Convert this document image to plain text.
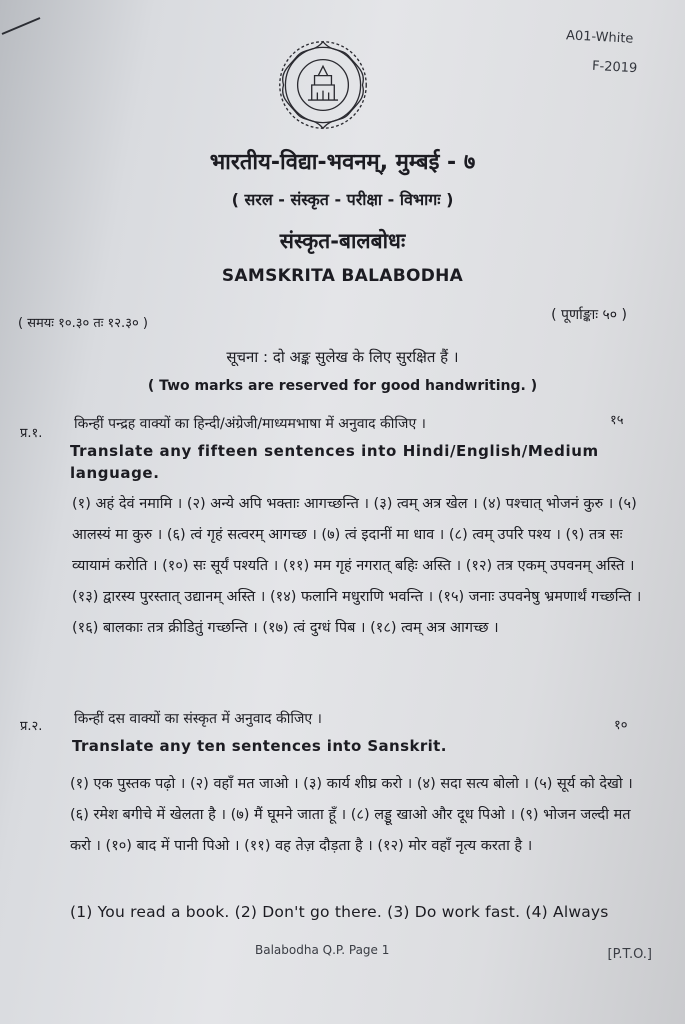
A01-White
F-2019
भारतीय-विद्या-भवनम्, मुम्बई - ७
( सरल - संस्कृत - परीक्षा - विभागः )
संस्कृत-बालबोधः
SAMSKRITA BALABODHA
( समयः १०.३० तः १२.३० )
( पूर्णाङ्काः ५० )
सूचना : दो अङ्क सुलेख के लिए सुरक्षित हैं ।
( Two marks are reserved for good handwriting. )
प्र.१.
किन्हीं पन्द्रह वाक्यों का हिन्दी/अंग्रेजी/माध्यमभाषा में अनुवाद कीजिए ।	१५
Translate any fifteen sentences into Hindi/English/Medium language.
(१) अहं देवं नमामि । (२) अन्ये अपि भक्ताः आगच्छन्ति । (३) त्वम् अत्र खेल । (४) पश्चात् भोजनं कुरु । (५) आलस्यं मा कुरु । (६) त्वं गृहं सत्वरम् आगच्छ । (७) त्वं इदानीं मा धाव । (८) त्वम् उपरि पश्य । (९) तत्र सः व्यायामं करोति । (१०) सः सूर्यं पश्यति । (११) मम गृहं नगरात् बहिः अस्ति । (१२) तत्र एकम् उपवनम् अस्ति । (१३) द्वारस्य पुरस्तात् उद्यानम् अस्ति । (१४) फलानि मधुराणि भवन्ति । (१५) जनाः उपवनेषु भ्रमणार्थं गच्छन्ति । (१६) बालकाः तत्र क्रीडितुं गच्छन्ति । (१७) त्वं दुग्धं पिब । (१८) त्वम् अत्र आगच्छ ।
प्र.२. किन्हीं दस वाक्यों का संस्कृत में अनुवाद कीजिए ।	१०
Translate any ten sentences into Sanskrit.
(१) एक पुस्तक पढ़ो । (२) वहाँ मत जाओ । (३) कार्य शीघ्र करो । (४) सदा सत्य बोलो । (५) सूर्य को देखो । (६) रमेश बगीचे में खेलता है । (७) मैं घूमने जाता हूँ । (८) लड्डू खाओ और दूध पिओ । (९) भोजन जल्दी मत करो । (१०) बाद में पानी पिओ । (११) वह तेज़ दौड़ता है । (१२) मोर वहाँ नृत्य करता है ।
(1) You read a book. (2) Don't go there. (3) Do work fast. (4) Always
Balabodha Q.P. Page 1	[P.T.O.]
